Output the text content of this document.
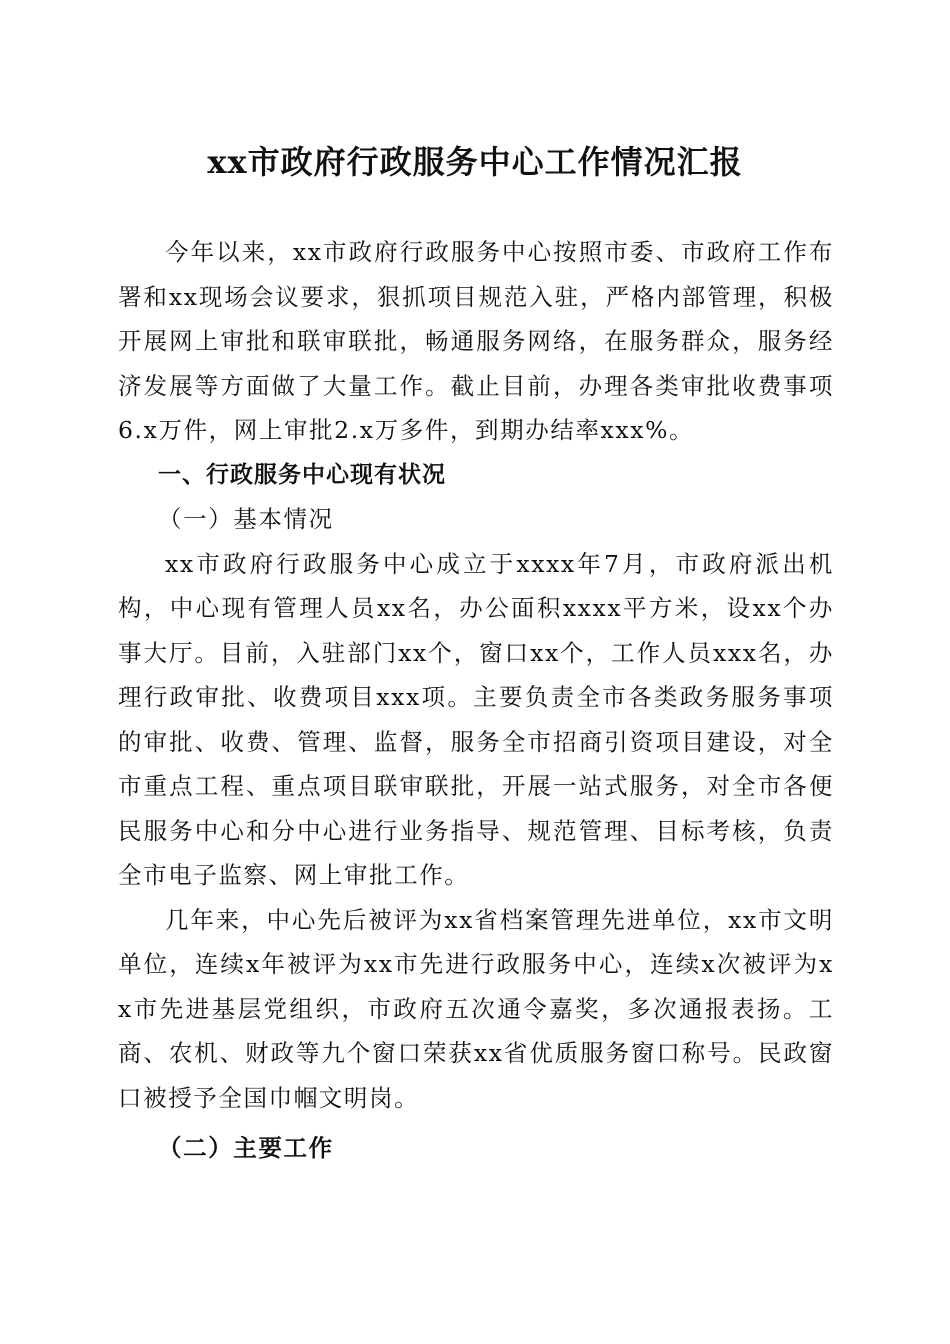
xx市政府行政服务中心工作情况汇报

今年以来，xx市政府行政服务中心按照市委、市政府工作布署和xx现场会议要求，狠抓项目规范入驻，严格内部管理，积极开展网上审批和联审联批，畅通服务网络，在服务群众，服务经济发展等方面做了大量工作。截止目前，办理各类审批收费事项6.x万件，网上审批2.x万多件，到期办结率xxx%。

一、行政服务中心现有状况

（一）基本情况

xx市政府行政服务中心成立于xxxx年7月，市政府派出机构，中心现有管理人员xx名，办公面积xxxx平方米，设xx个办事大厅。目前，入驻部门xx个，窗口xx个，工作人员xxx名，办理行政审批、收费项目xxx项。主要负责全市各类政务服务事项的审批、收费、管理、监督，服务全市招商引资项目建设，对全市重点工程、重点项目联审联批，开展一站式服务，对全市各便民服务中心和分中心进行业务指导、规范管理、目标考核，负责全市电子监察、网上审批工作。

几年来，中心先后被评为xx省档案管理先进单位，xx市文明单位，连续x年被评为xx市先进行政服务中心，连续x次被评为xx市先进基层党组织，市政府五次通令嘉奖，多次通报表扬。工商、农机、财政等九个窗口荣获xx省优质服务窗口称号。民政窗口被授予全国巾帼文明岗。

（二）主要工作
